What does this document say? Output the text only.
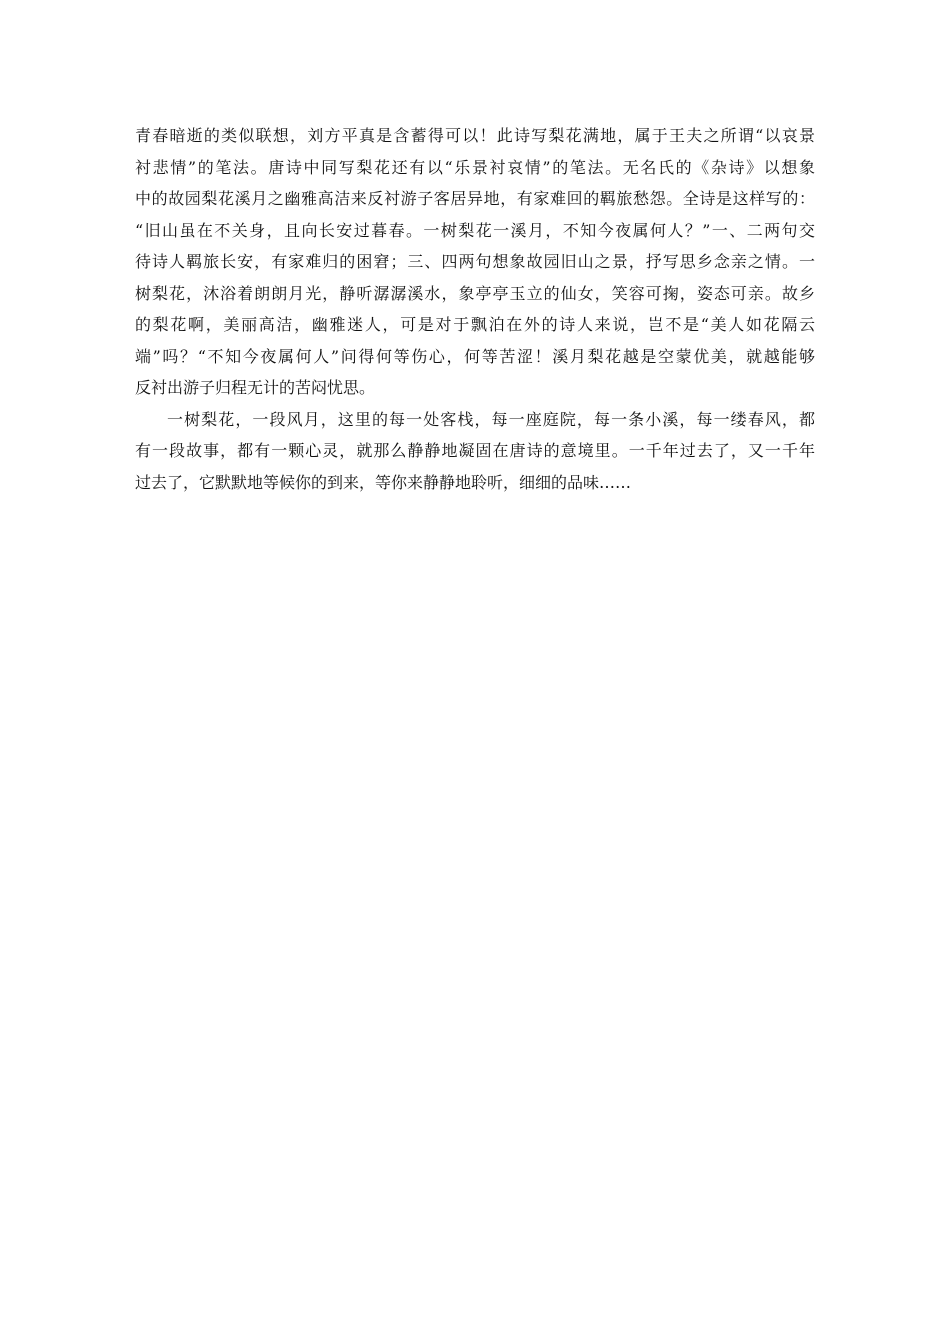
青春暗逝的类似联想，刘方平真是含蓄得可以！此诗写梨花满地，属于王夫之所谓“以哀景
衬悲情”的笔法。唐诗中同写梨花还有以“乐景衬哀情”的笔法。无名氏的《杂诗》以想象
中的故园梨花溪月之幽雅高洁来反衬游子客居异地，有家难回的羁旅愁怨。全诗是这样写的：
“旧山虽在不关身，且向长安过暮春。一树梨花一溪月，不知今夜属何人？”一、二两句交
待诗人羁旅长安，有家难归的困窘；三、四两句想象故园旧山之景，抒写思乡念亲之情。一
树梨花，沐浴着朗朗月光，静听潺潺溪水，象亭亭玉立的仙女，笑容可掬，姿态可亲。故乡
的梨花啊，美丽高洁，幽雅迷人，可是对于飘泊在外的诗人来说，岂不是“美人如花隔云
端”吗？“不知今夜属何人”问得何等伤心，何等苦涩！溪月梨花越是空蒙优美，就越能够
反衬出游子归程无计的苦闷忧思。
一树梨花，一段风月，这里的每一处客栈，每一座庭院，每一条小溪，每一缕春风，都
有一段故事，都有一颗心灵，就那么静静地凝固在唐诗的意境里。一千年过去了，又一千年
过去了，它默默地等候你的到来，等你来静静地聆听，细细的品味……
